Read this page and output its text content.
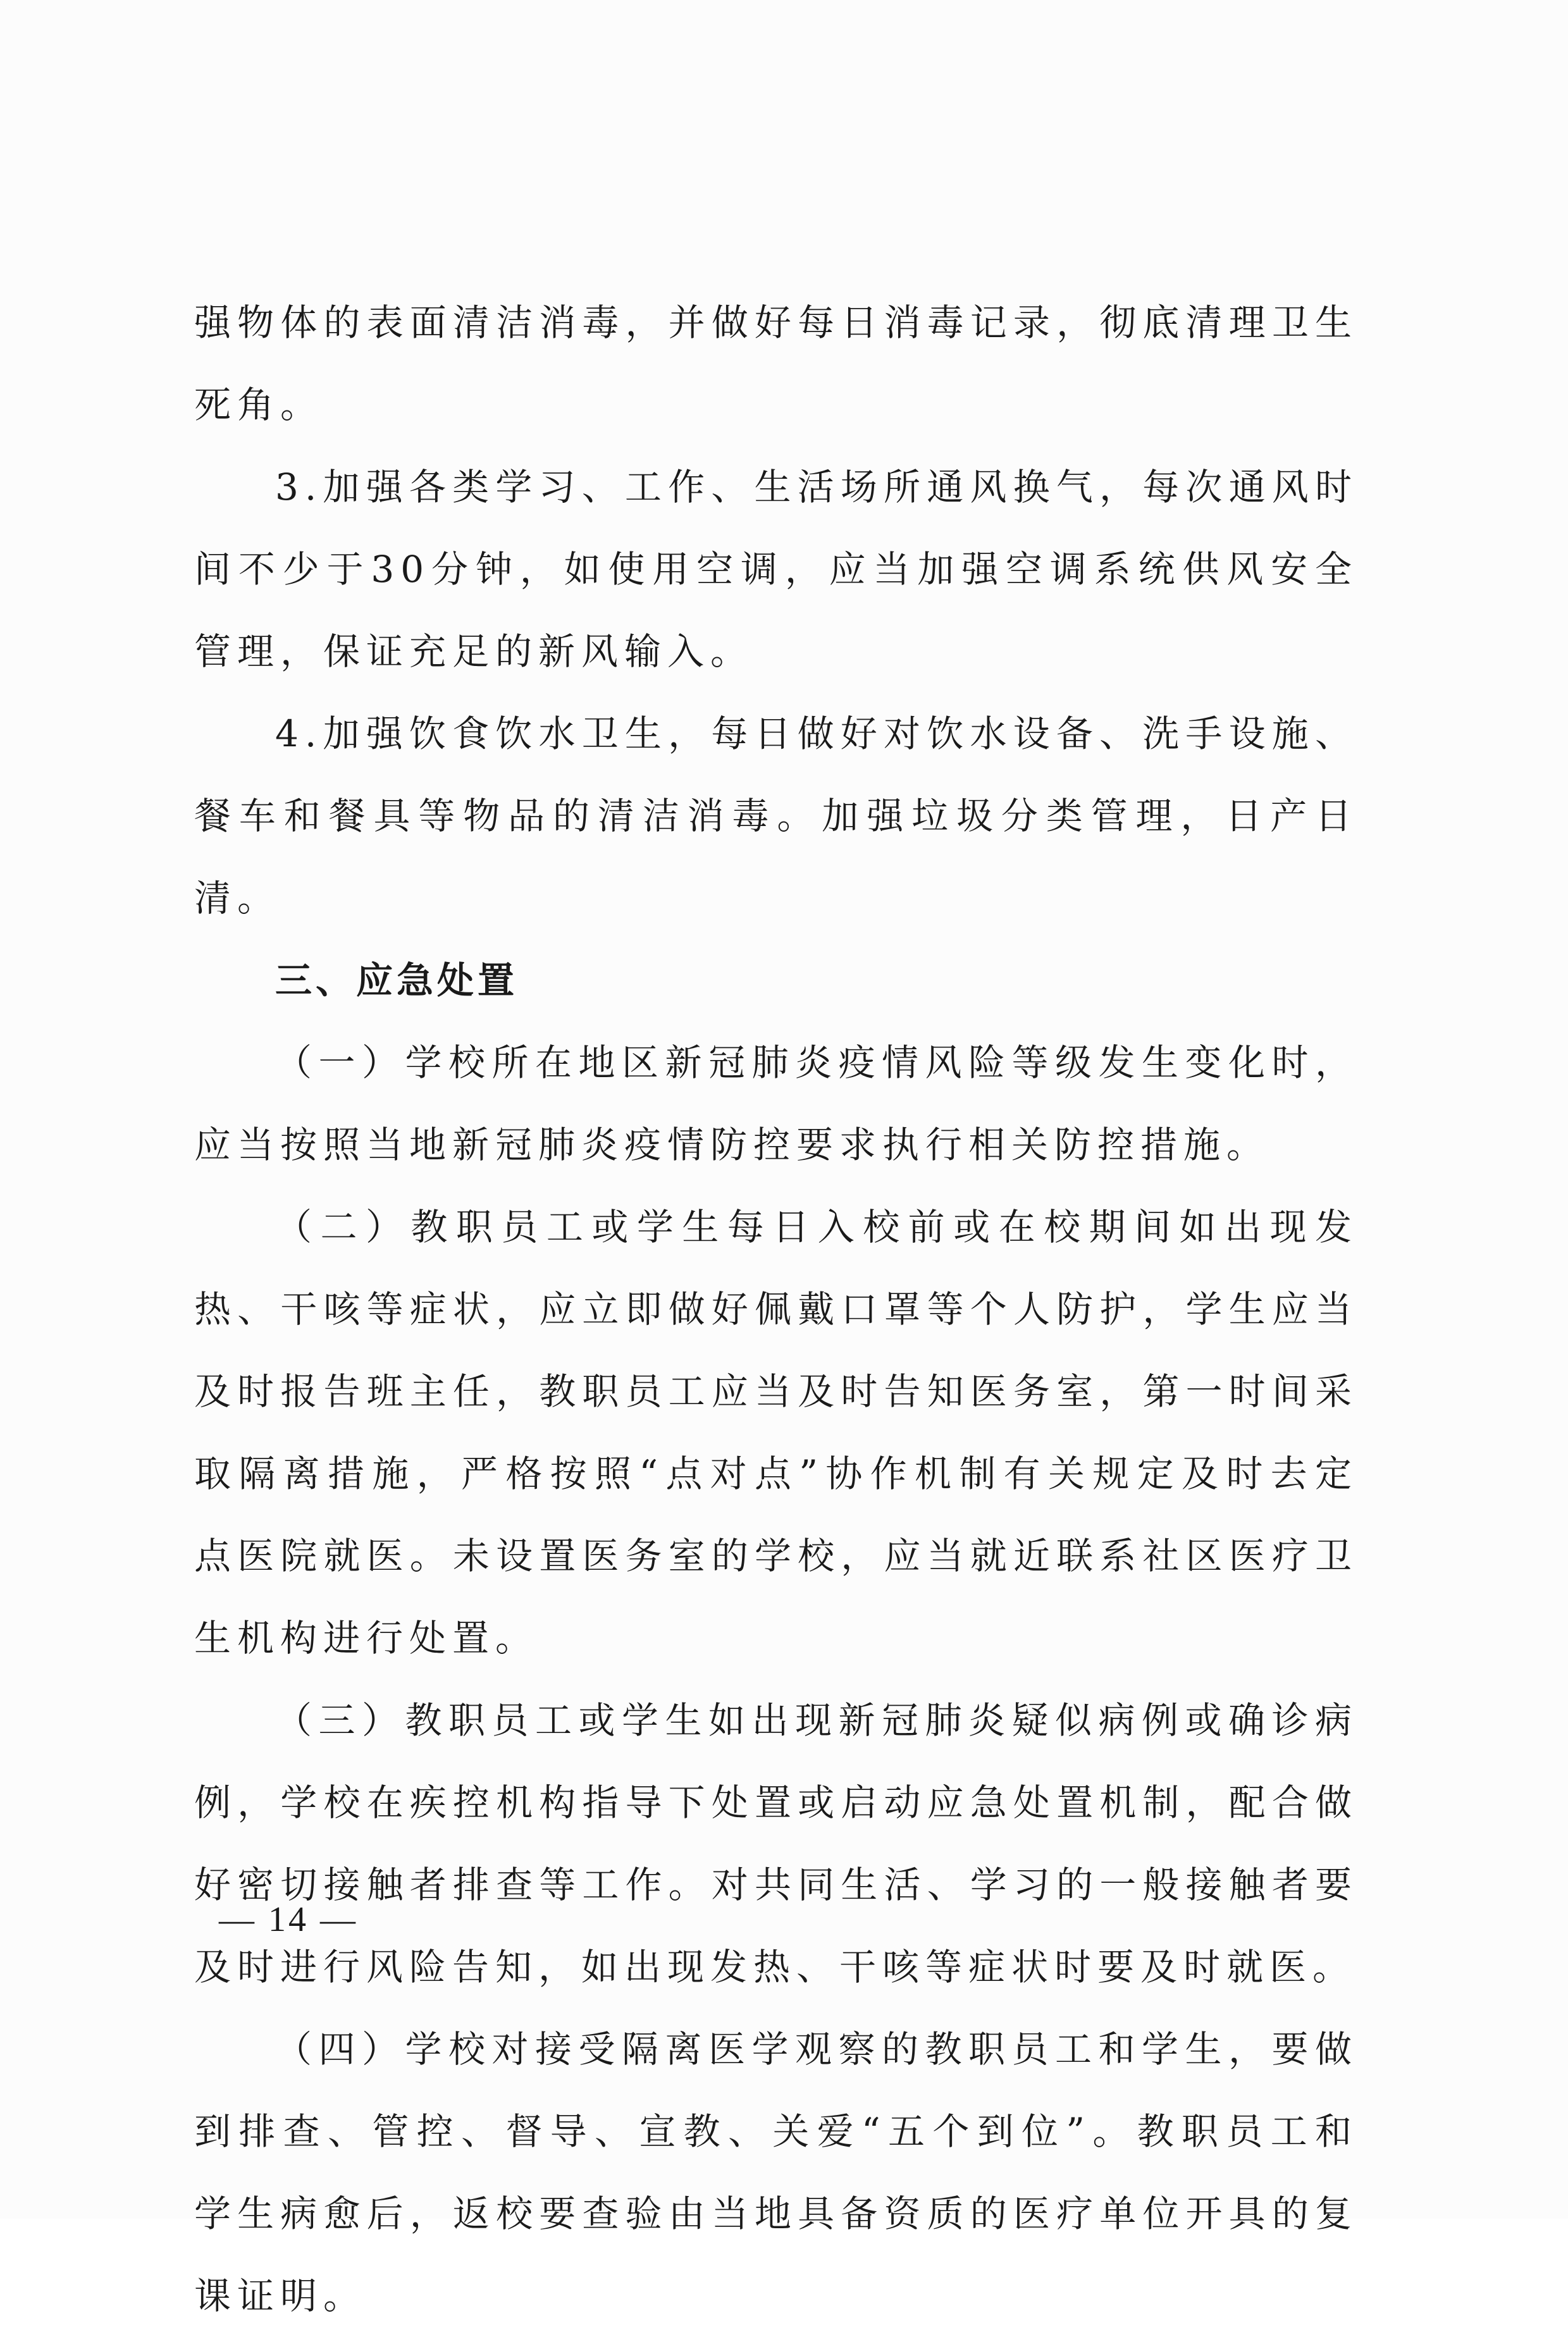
强物体的表面清洁消毒，并做好每日消毒记录，彻底清理卫生死角。

3.加强各类学习、工作、生活场所通风换气，每次通风时间不少于30分钟，如使用空调，应当加强空调系统供风安全管理，保证充足的新风输入。

4.加强饮食饮水卫生，每日做好对饮水设备、洗手设施、餐车和餐具等物品的清洁消毒。加强垃圾分类管理，日产日清。

三、应急处置

（一）学校所在地区新冠肺炎疫情风险等级发生变化时，应当按照当地新冠肺炎疫情防控要求执行相关防控措施。

（二）教职员工或学生每日入校前或在校期间如出现发热、干咳等症状，应立即做好佩戴口罩等个人防护，学生应当及时报告班主任，教职员工应当及时告知医务室，第一时间采取隔离措施，严格按照“点对点”协作机制有关规定及时去定点医院就医。未设置医务室的学校，应当就近联系社区医疗卫生机构进行处置。

（三）教职员工或学生如出现新冠肺炎疑似病例或确诊病例，学校在疾控机构指导下处置或启动应急处置机制，配合做好密切接触者排查等工作。对共同生活、学习的一般接触者要及时进行风险告知，如出现发热、干咳等症状时要及时就医。

（四）学校对接受隔离医学观察的教职员工和学生，要做到排查、管控、督导、宣教、关爱“五个到位”。教职员工和学生病愈后，返校要查验由当地具备资质的医疗单位开具的复课证明。

— 14 —
